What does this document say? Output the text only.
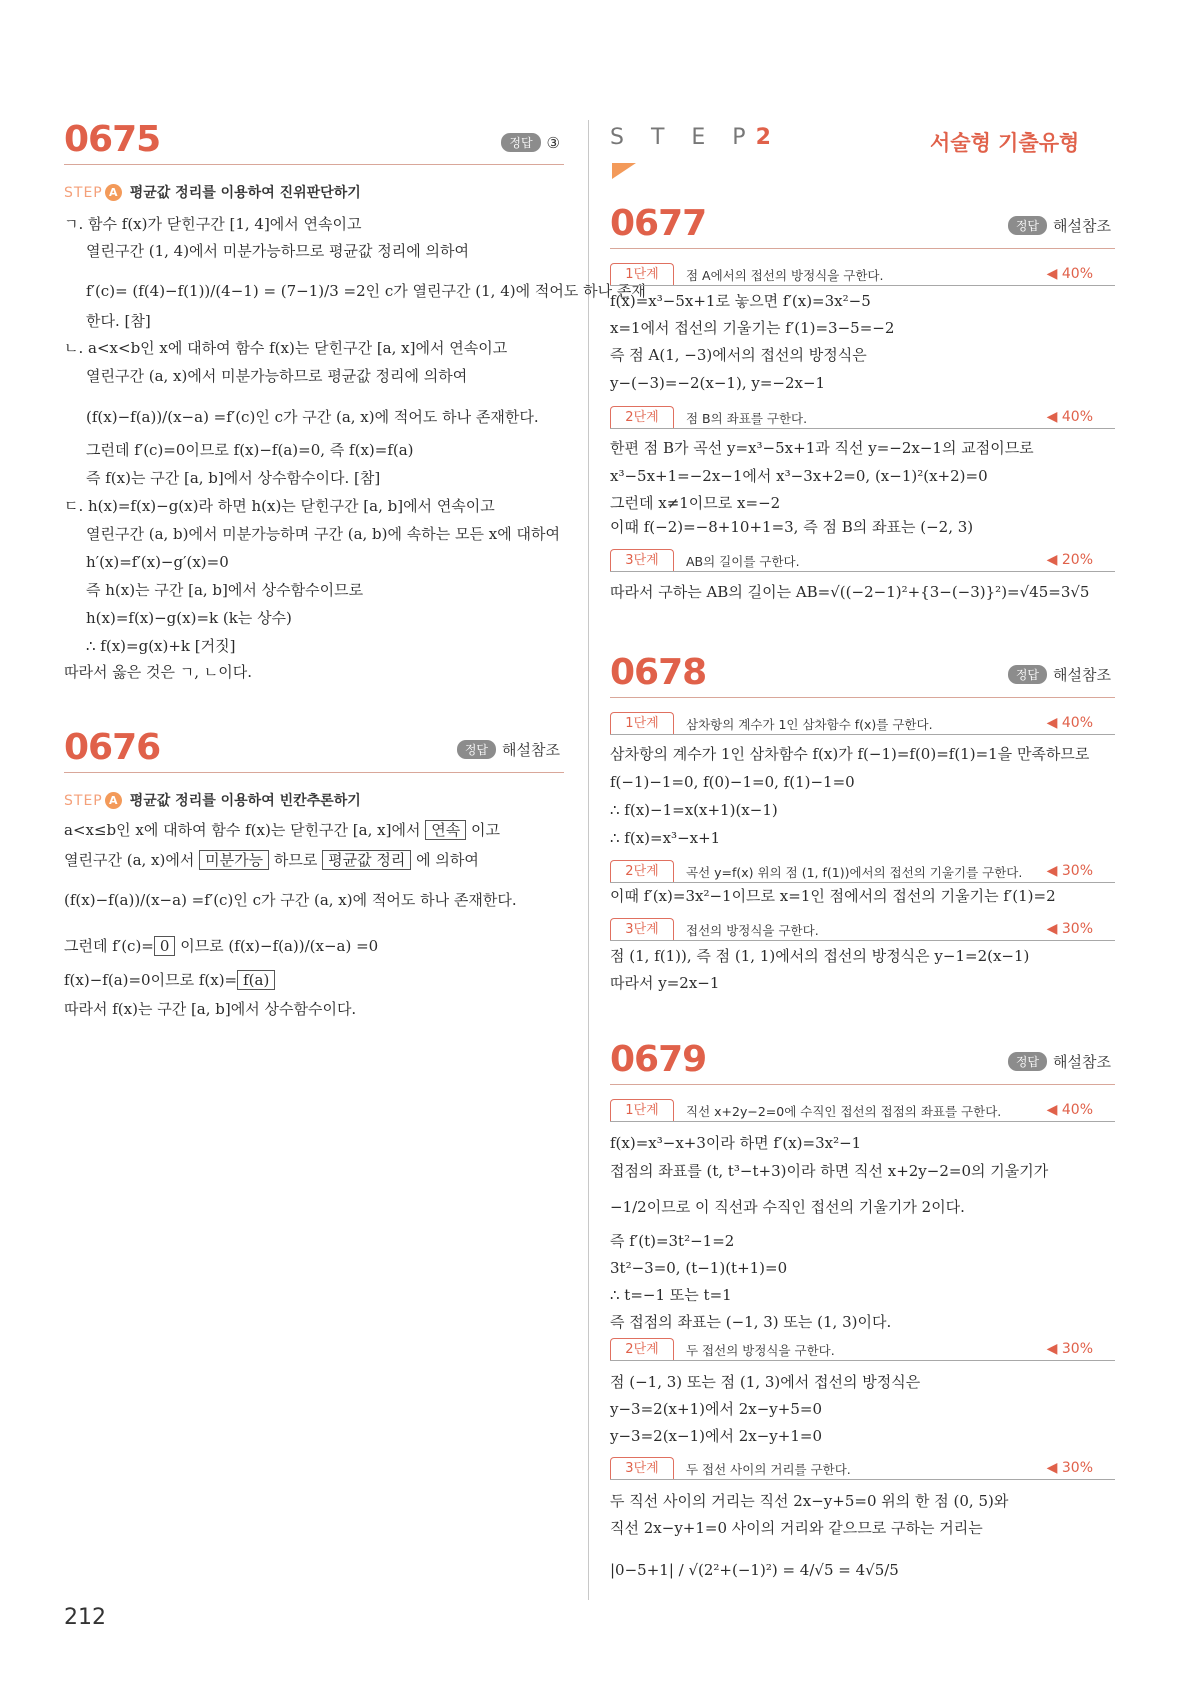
0675	정답 ③
STEP A 평균값 정리를 이용하여 진위판단하기
ㄱ. 함수 f(x)가 닫힌구간 [1, 4]에서 연속이고
열린구간 (1, 4)에서 미분가능하므로 평균값 정리에 의하여
f′(c)= (f(4)−f(1))/(4−1) = (7−1)/3 =2인 c가 열린구간 (1, 4)에 적어도 하나 존재
한다. [참]
ㄴ. a<x<b인 x에 대하여 함수 f(x)는 닫힌구간 [a, x]에서 연속이고
열린구간 (a, x)에서 미분가능하므로 평균값 정리에 의하여
(f(x)−f(a))/(x−a) =f′(c)인 c가 구간 (a, x)에 적어도 하나 존재한다.
그런데 f′(c)=0이므로 f(x)−f(a)=0, 즉 f(x)=f(a)
즉 f(x)는 구간 [a, b]에서 상수함수이다. [참]
ㄷ. h(x)=f(x)−g(x)라 하면 h(x)는 닫힌구간 [a, b]에서 연속이고
열린구간 (a, b)에서 미분가능하며 구간 (a, b)에 속하는 모든 x에 대하여
h′(x)=f′(x)−g′(x)=0
즉 h(x)는 구간 [a, b]에서 상수함수이므로
h(x)=f(x)−g(x)=k (k는 상수)
∴ f(x)=g(x)+k [거짓]
따라서 옳은 것은 ㄱ, ㄴ이다.
0676	정답 해설참조
STEP A 평균값 정리를 이용하여 빈칸추론하기
a<x≤b인 x에 대하여 함수 f(x)는 닫힌구간 [a, x]에서 연속 이고
열린구간 (a, x)에서 미분가능 하므로 평균값 정리 에 의하여
(f(x)−f(a))/(x−a) =f′(c)인 c가 구간 (a, x)에 적어도 하나 존재한다.
그런데 f′(c)= 0 이므로 (f(x)−f(a))/(x−a) =0
f(x)−f(a)=0이므로 f(x)= f(a)
따라서 f(x)는 구간 [a, b]에서 상수함수이다.
S T E P2	서술형 기출유형
0677	정답 해설참조
1단계	점 A에서의 접선의 방정식을 구한다.	◀ 40%
f(x)=x³−5x+1로 놓으면 f′(x)=3x²−5
x=1에서 접선의 기울기는 f′(1)=3−5=−2
즉 점 A(1, −3)에서의 접선의 방정식은
y−(−3)=−2(x−1), y=−2x−1
2단계	점 B의 좌표를 구한다.	◀ 40%
한편 점 B가 곡선 y=x³−5x+1과 직선 y=−2x−1의 교점이므로
x³−5x+1=−2x−1에서 x³−3x+2=0, (x−1)²(x+2)=0
그런데 x≠1이므로 x=−2
이때 f(−2)=−8+10+1=3, 즉 점 B의 좌표는 (−2, 3)
3단계	AB의 길이를 구한다.	◀ 20%
따라서 구하는 AB의 길이는 AB=√((−2−1)²+{3−(−3)}²)=√45=3√5
0678	정답 해설참조
1단계	삼차항의 계수가 1인 삼차함수 f(x)를 구한다.	◀ 40%
삼차항의 계수가 1인 삼차함수 f(x)가 f(−1)=f(0)=f(1)=1을 만족하므로
f(−1)−1=0, f(0)−1=0, f(1)−1=0
∴ f(x)−1=x(x+1)(x−1)
∴ f(x)=x³−x+1
2단계	곡선 y=f(x) 위의 점 (1, f(1))에서의 접선의 기울기를 구한다. ◀ 30%
이때 f′(x)=3x²−1이므로 x=1인 점에서의 접선의 기울기는 f′(1)=2
3단계	접선의 방정식을 구한다.	◀ 30%
점 (1, f(1)), 즉 점 (1, 1)에서의 접선의 방정식은 y−1=2(x−1)
따라서 y=2x−1
0679	정답 해설참조
1단계	직선 x+2y−2=0에 수직인 접선의 접점의 좌표를 구한다.	◀ 40%
f(x)=x³−x+3이라 하면 f′(x)=3x²−1
접점의 좌표를 (t, t³−t+3)이라 하면 직선 x+2y−2=0의 기울기가
−1/2이므로 이 직선과 수직인 접선의 기울기가 2이다.
즉 f′(t)=3t²−1=2
3t²−3=0, (t−1)(t+1)=0
∴ t=−1 또는 t=1
즉 접점의 좌표는 (−1, 3) 또는 (1, 3)이다.
2단계	두 접선의 방정식을 구한다.	◀ 30%
점 (−1, 3) 또는 점 (1, 3)에서 접선의 방정식은
y−3=2(x+1)에서 2x−y+5=0
y−3=2(x−1)에서 2x−y+1=0
3단계	두 접선 사이의 거리를 구한다.	◀ 30%
두 직선 사이의 거리는 직선 2x−y+5=0 위의 한 점 (0, 5)와
직선 2x−y+1=0 사이의 거리와 같으므로 구하는 거리는
|0−5+1| / √(2²+(−1)²) = 4/√5 = 4√5/5
212
